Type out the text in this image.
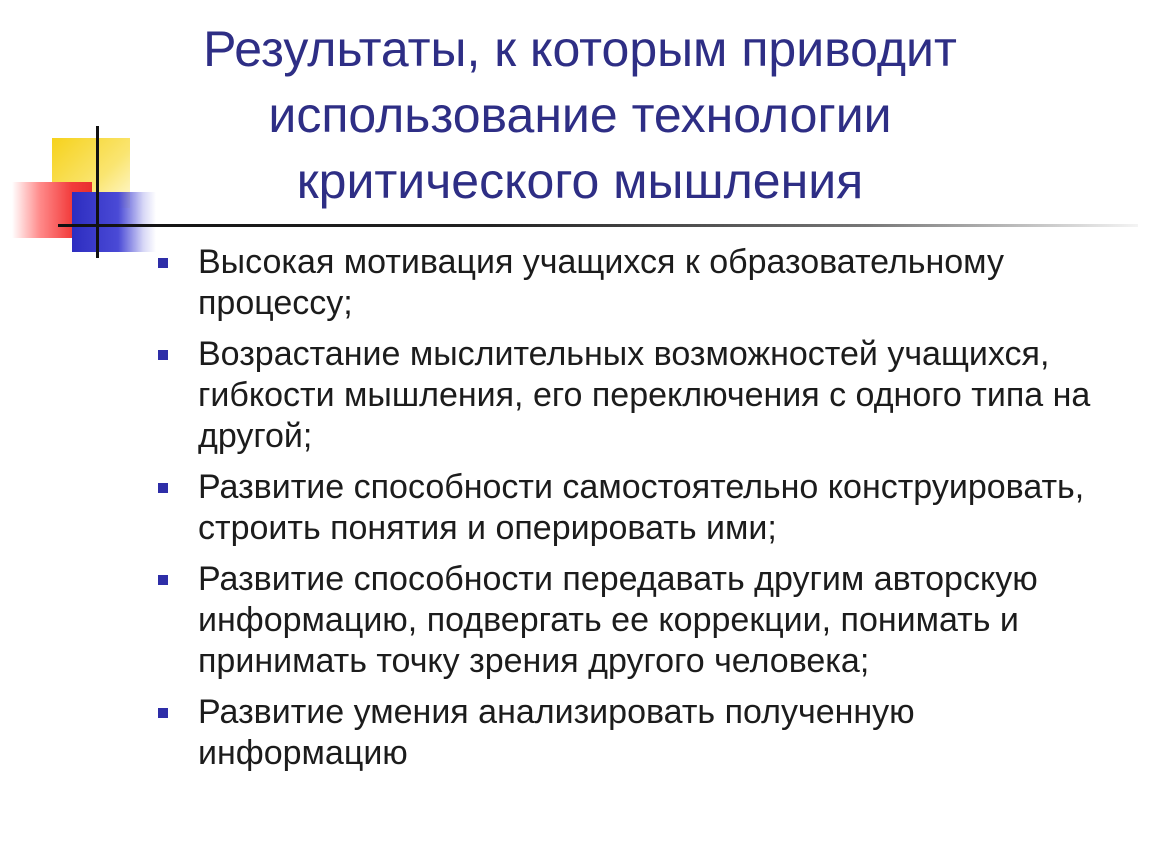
Результаты, к которым приводит
использование технологии
критического мышления
Высокая мотивация учащихся к образовательному процессу;
Возрастание мыслительных возможностей учащихся, гибкости мышления, его переключения с одного типа на другой;
Развитие способности самостоятельно конструировать, строить понятия и оперировать ими;
Развитие способности передавать другим авторскую информацию, подвергать ее коррекции, понимать и принимать точку зрения другого человека;
Развитие умения анализировать полученную информацию
